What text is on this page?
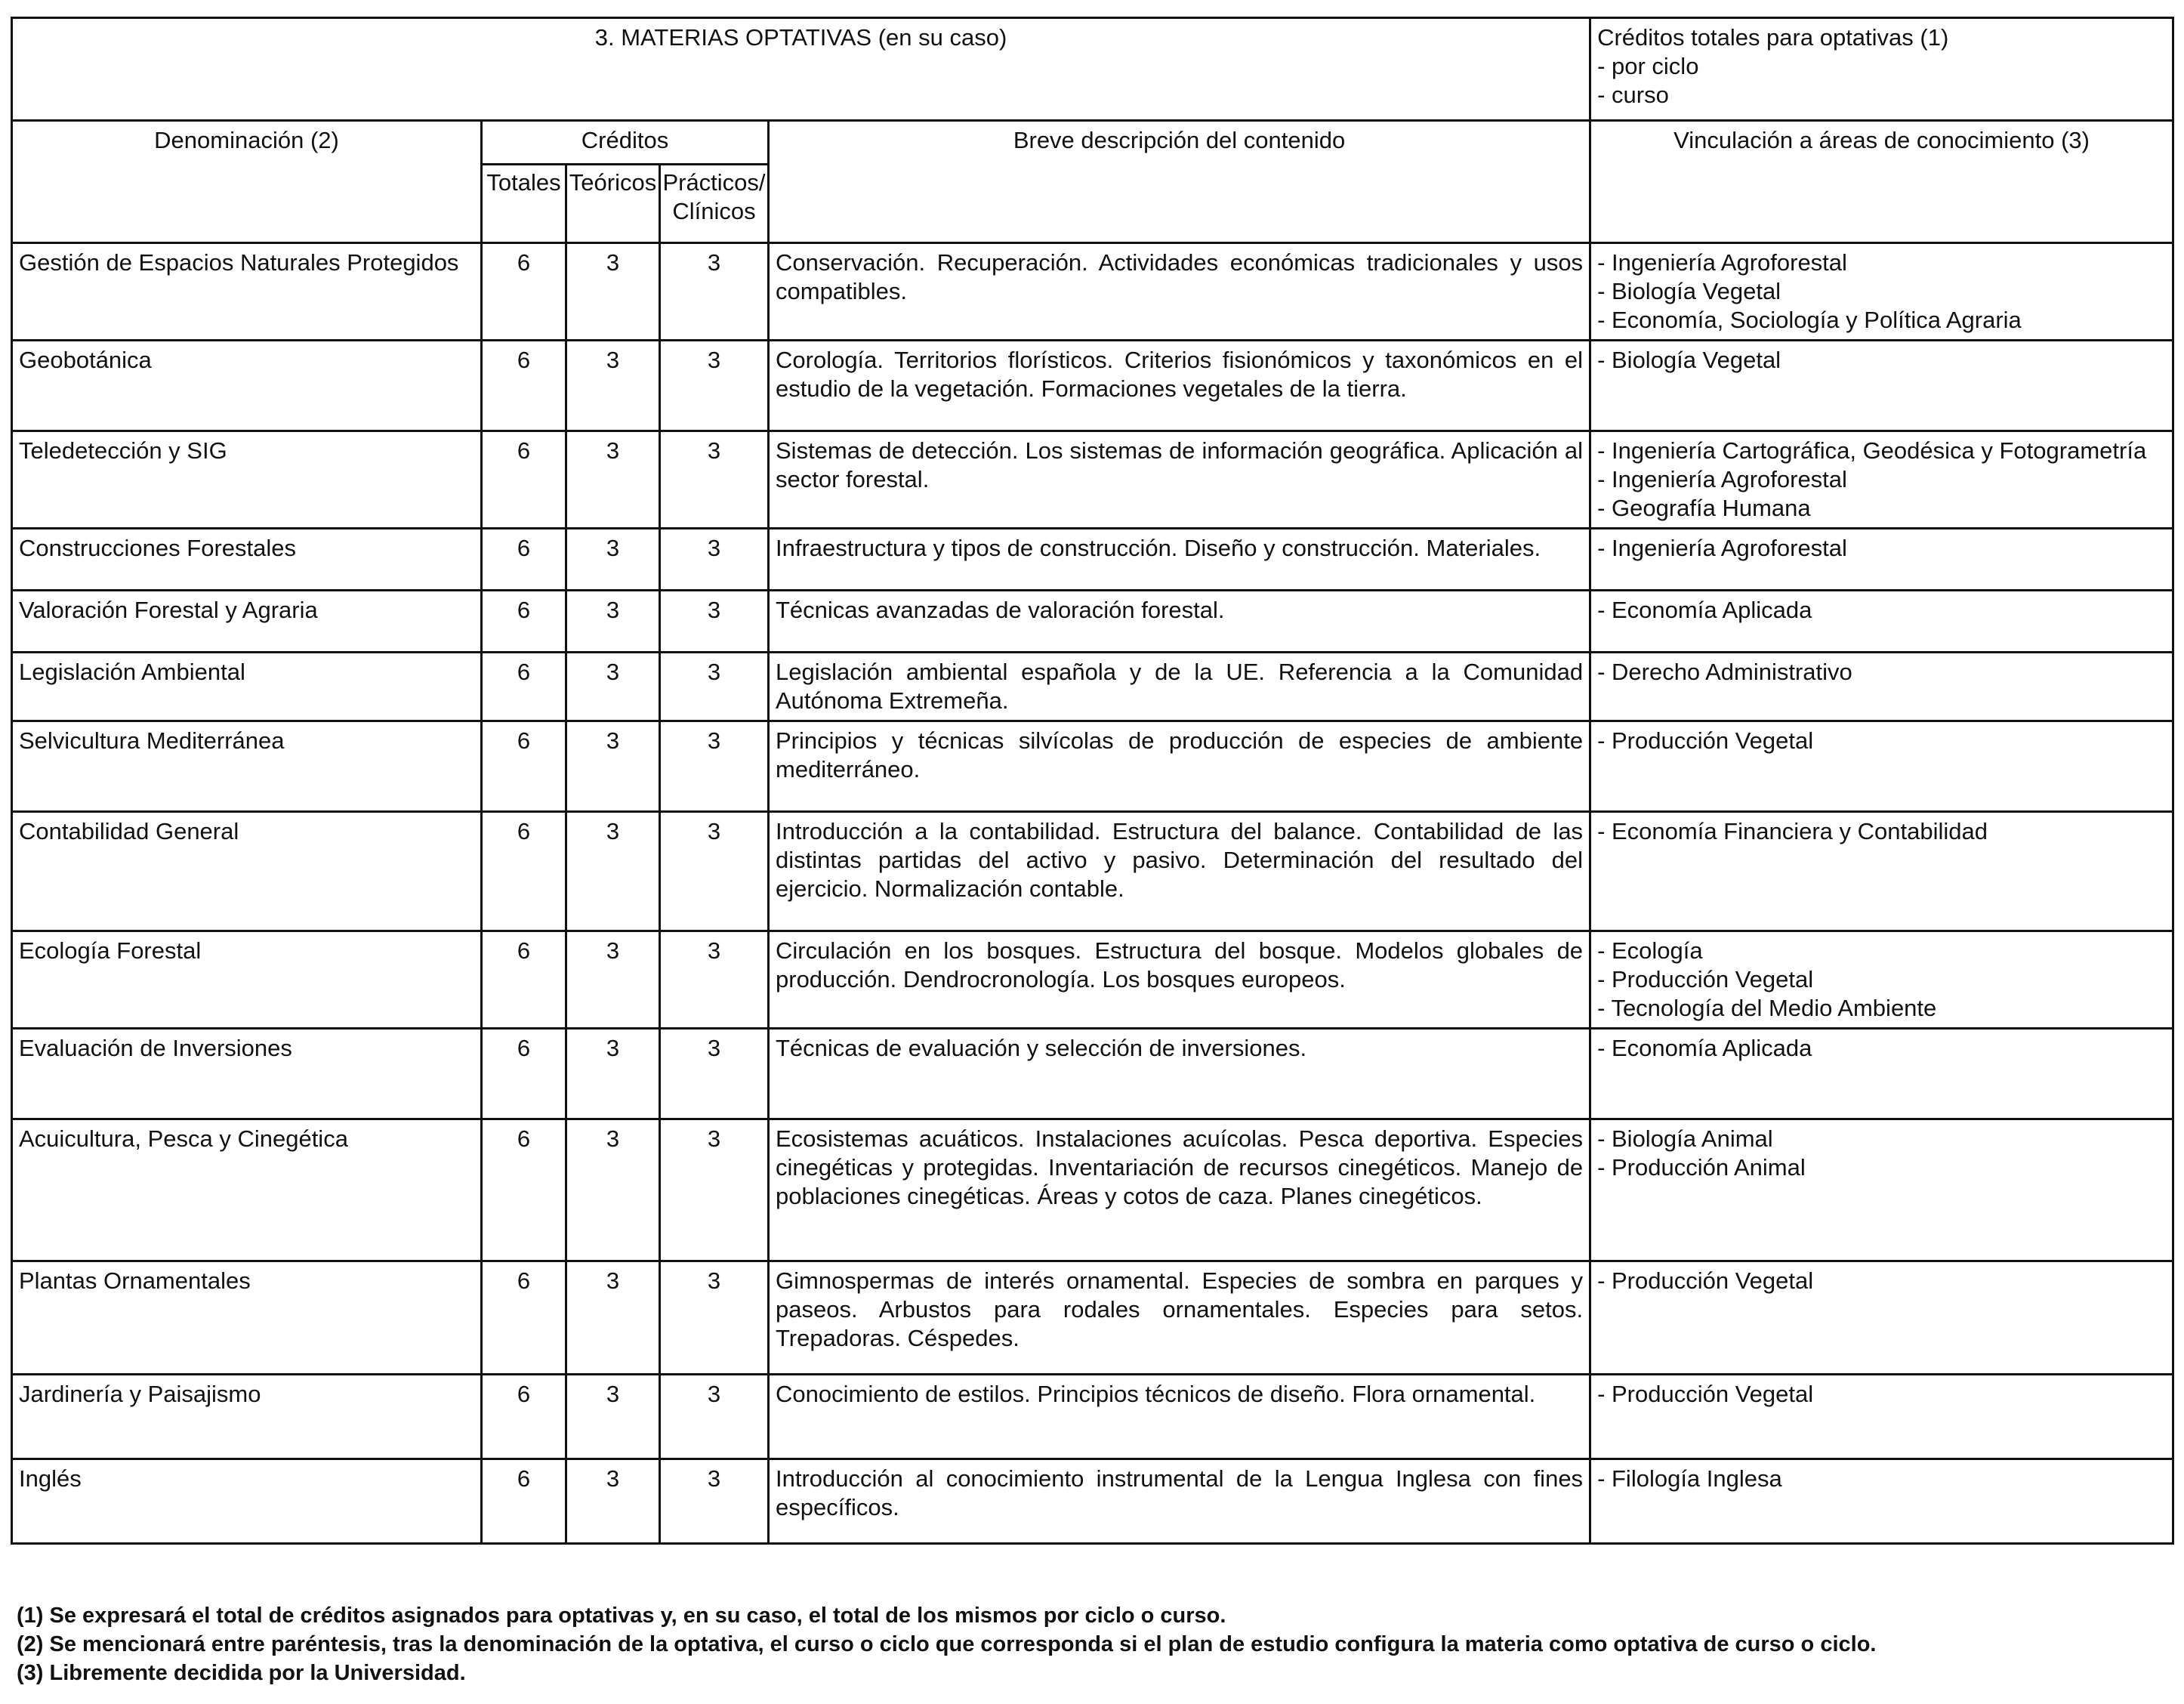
3. MATERIAS OPTATIVAS (en su caso)					Créditos totales para optativas (1)
- por ciclo
- curso

Denominación (2)	Créditos			Breve descripción del contenido	Vinculación a áreas de conocimiento (3)
	Totales	Teóricos	Prácticos/
Clínicos		

Gestión de Espacios Naturales Protegidos	6	3	3	Conservación. Recuperación. Actividades económicas tradicionales y usos compatibles.	- Ingeniería Agroforestal
- Biología Vegetal
- Economía, Sociología y Política Agraria

Geobotánica	6	3	3	Corología. Territorios florísticos. Criterios fisionómicos y taxonómicos en el estudio de la vegetación. Formaciones vegetales de la tierra.	- Biología Vegetal

Teledetección y SIG	6	3	3	Sistemas de detección. Los sistemas de información geográfica. Aplicación al sector forestal.	- Ingeniería Cartográfica, Geodésica y Fotogrametría
- Ingeniería Agroforestal
- Geografía Humana

Construcciones Forestales	6	3	3	Infraestructura y tipos de construcción. Diseño y construcción. Materiales.	- Ingeniería Agroforestal

Valoración Forestal y Agraria	6	3	3	Técnicas avanzadas de valoración forestal.	- Economía Aplicada

Legislación Ambiental	6	3	3	Legislación ambiental española y de la UE. Referencia a la Comunidad Autónoma Extremeña.	- Derecho Administrativo

Selvicultura Mediterránea	6	3	3	Principios y técnicas silvícolas de producción de especies de ambiente mediterráneo.	- Producción Vegetal

Contabilidad General	6	3	3	Introducción a la contabilidad. Estructura del balance. Contabilidad de las distintas partidas del activo y pasivo. Determinación del resultado del ejercicio. Normalización contable.	- Economía Financiera y Contabilidad

Ecología Forestal	6	3	3	Circulación en los bosques. Estructura del bosque. Modelos globales de producción. Dendrocronología. Los bosques europeos.	- Ecología
- Producción Vegetal
- Tecnología del Medio Ambiente

Evaluación de Inversiones	6	3	3	Técnicas de evaluación y selección de inversiones.	- Economía Aplicada

Acuicultura, Pesca y Cinegética	6	3	3	Ecosistemas acuáticos. Instalaciones acuícolas. Pesca deportiva. Especies cinegéticas y protegidas. Inventariación de recursos cinegéticos. Manejo de poblaciones cinegéticas. Áreas y cotos de caza. Planes cinegéticos.	- Biología Animal
- Producción Animal

Plantas Ornamentales	6	3	3	Gimnospermas de interés ornamental. Especies de sombra en parques y paseos. Arbustos para rodales ornamentales. Especies para setos. Trepadoras. Céspedes.	- Producción Vegetal

Jardinería y Paisajismo	6	3	3	Conocimiento de estilos. Principios técnicos de diseño. Flora ornamental.	- Producción Vegetal

Inglés	6	3	3	Introducción al conocimiento instrumental de la Lengua Inglesa con fines específicos.	- Filología Inglesa
(1) Se expresará el total de créditos asignados para optativas y, en su caso, el total de los mismos por ciclo o curso.
(2) Se mencionará entre paréntesis, tras la denominación de la optativa, el curso o ciclo que corresponda si el plan de estudio configura la materia como optativa de curso o ciclo.
(3) Libremente decidida por la Universidad.
